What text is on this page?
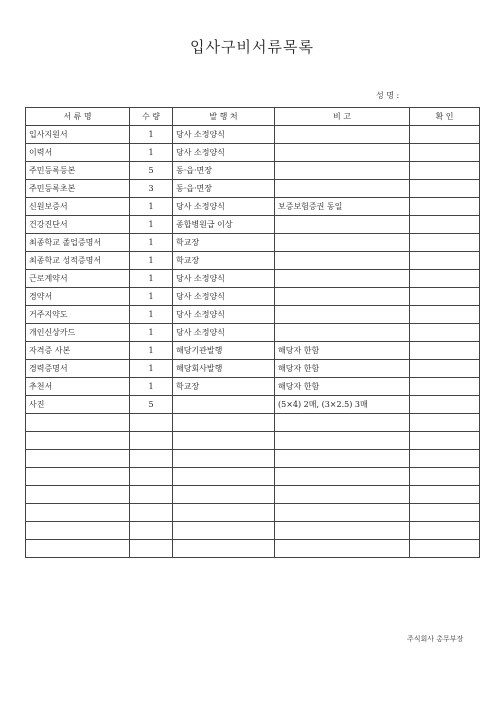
입사구비서류목록
성 명 :
서 류 명	수 량	발 행 처	비 고	확 인
입사지원서	1	당사 소정양식		
이력서	1	당사 소정양식		
주민등록등본	5	동·읍·면장		
주민등록초본	3	동·읍·면장		
신원보증서	1	당사 소정양식	보증보험증권 동일	
건강진단서	1	종합병원급 이상		
최종학교 졸업증명서	1	학교장		
최종학교 성적증명서	1	학교장		
근로계약서	1	당사 소정양식		
경약서	1	당사 소정양식		
거주지약도	1	당사 소정양식		
개인신상카드	1	당사 소정양식		
자격증 사본	1	해당기관발행	해당자 한함	
경력증명서	1	해당회사발행	해당자 한함	
추천서	1	학교장	해당자 한함	
사진	5		(5×4) 2매, (3×2.5) 3매	

주식회사 총무부장
